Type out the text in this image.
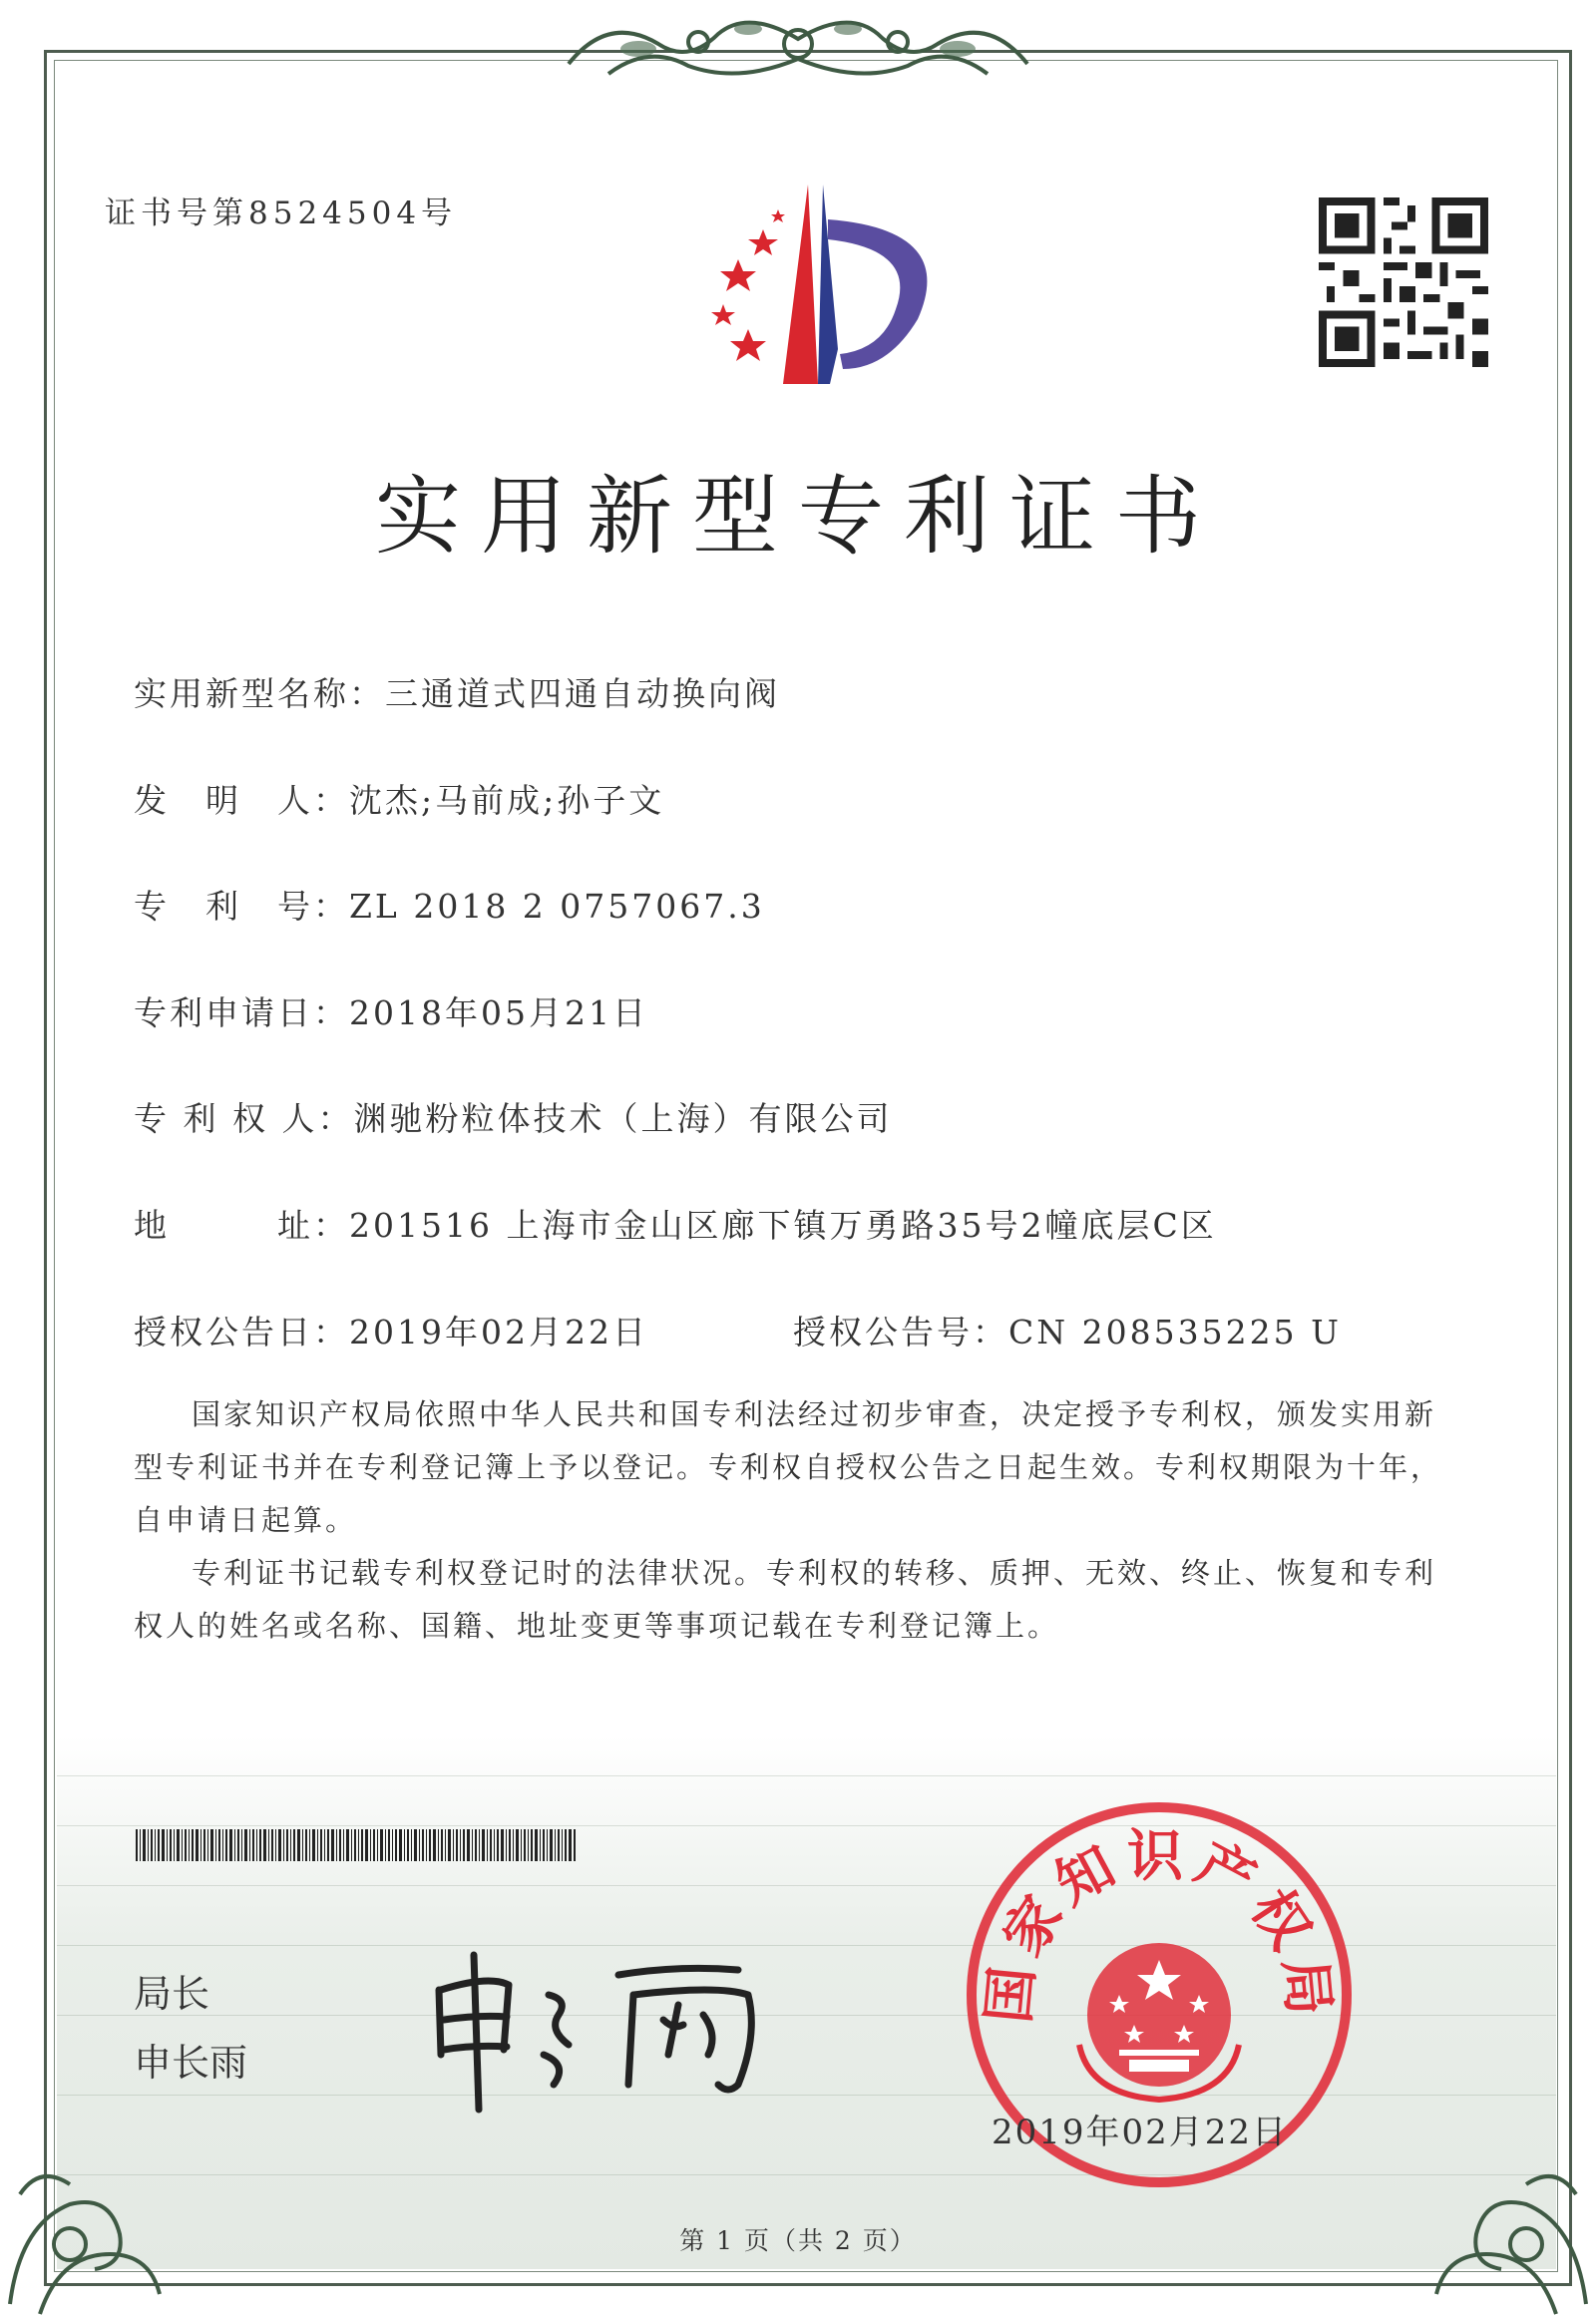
证书号第8524504号
实用新型专利证书
实用新型名称：三通道式四通自动换向阀
发　明　人：沈杰;马前成;孙子文
专　利　号：ZL 2018 2 0757067.3
专利申请日：2018年05月21日
专 利 权 人：渊驰粉粒体技术（上海）有限公司
地　　　址：201516 上海市金山区廊下镇万勇路35号2幢底层C区
授权公告日：2019年02月22日	授权公告号：CN 208535225 U

国家知识产权局依照中华人民共和国专利法经过初步审查，决定授予专利权，颁发实用新型专利证书并在专利登记簿上予以登记。专利权自授权公告之日起生效。专利权期限为十年，自申请日起算。

专利证书记载专利权登记时的法律状况。专利权的转移、质押、无效、终止、恢复和专利权人的姓名或名称、国籍、地址变更等事项记载在专利登记簿上。

局长
申长雨
国家知识产权局
2019年02月22日
第 1 页（共 2 页）
